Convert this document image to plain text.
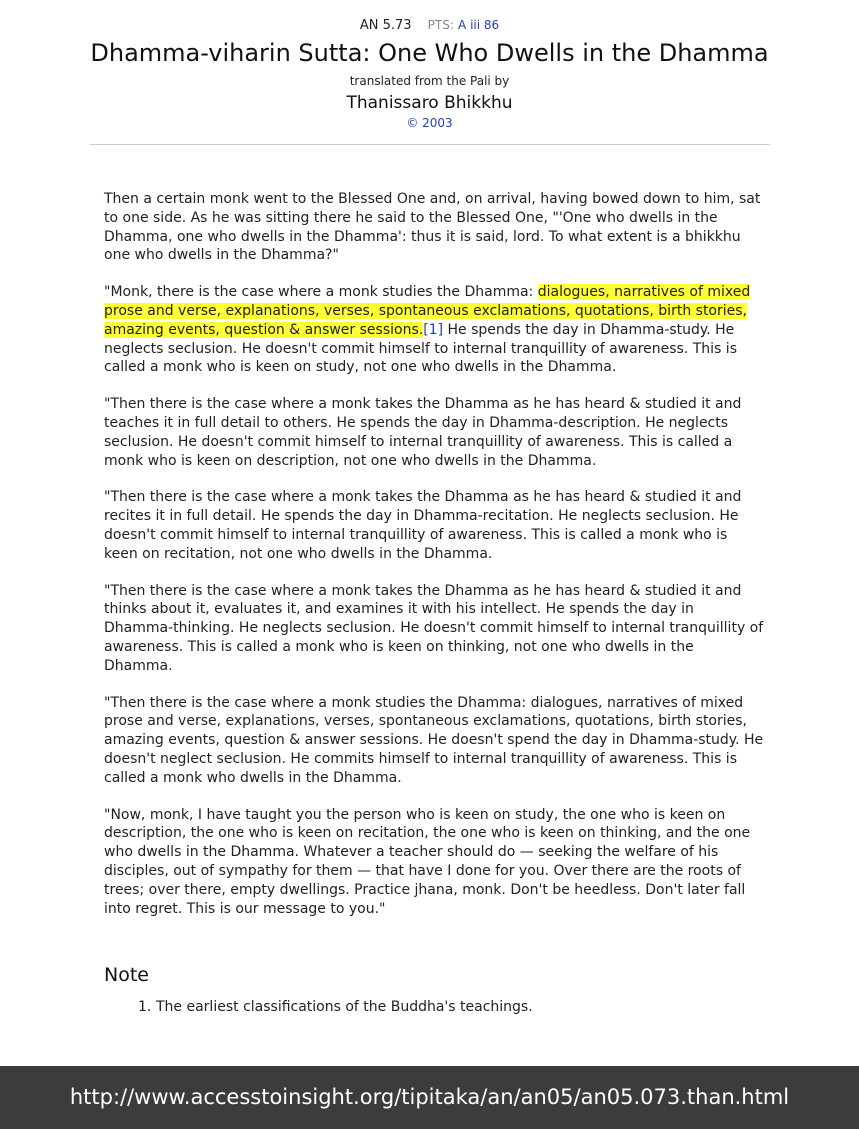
AN 5.73 PTS: A iii 86
Dhamma-viharin Sutta: One Who Dwells in the Dhamma
translated from the Pali by
Thanissaro Bhikkhu
© 2003

Then a certain monk went to the Blessed One and, on arrival, having bowed down to him, sat to one side. As he was sitting there he said to the Blessed One, "'One who dwells in the Dhamma, one who dwells in the Dhamma': thus it is said, lord. To what extent is a bhikkhu one who dwells in the Dhamma?"

"Monk, there is the case where a monk studies the Dhamma: dialogues, narratives of mixed prose and verse, explanations, verses, spontaneous exclamations, quotations, birth stories, amazing events, question & answer sessions.[1] He spends the day in Dhamma-study. He neglects seclusion. He doesn't commit himself to internal tranquillity of awareness. This is called a monk who is keen on study, not one who dwells in the Dhamma.

"Then there is the case where a monk takes the Dhamma as he has heard & studied it and teaches it in full detail to others. He spends the day in Dhamma-description. He neglects seclusion. He doesn't commit himself to internal tranquillity of awareness. This is called a monk who is keen on description, not one who dwells in the Dhamma.

"Then there is the case where a monk takes the Dhamma as he has heard & studied it and recites it in full detail. He spends the day in Dhamma-recitation. He neglects seclusion. He doesn't commit himself to internal tranquillity of awareness. This is called a monk who is keen on recitation, not one who dwells in the Dhamma.

"Then there is the case where a monk takes the Dhamma as he has heard & studied it and thinks about it, evaluates it, and examines it with his intellect. He spends the day in Dhamma-thinking. He neglects seclusion. He doesn't commit himself to internal tranquillity of awareness. This is called a monk who is keen on thinking, not one who dwells in the Dhamma.

"Then there is the case where a monk studies the Dhamma: dialogues, narratives of mixed prose and verse, explanations, verses, spontaneous exclamations, quotations, birth stories, amazing events, question & answer sessions. He doesn't spend the day in Dhamma-study. He doesn't neglect seclusion. He commits himself to internal tranquillity of awareness. This is called a monk who dwells in the Dhamma.

"Now, monk, I have taught you the person who is keen on study, the one who is keen on description, the one who is keen on recitation, the one who is keen on thinking, and the one who dwells in the Dhamma. Whatever a teacher should do — seeking the welfare of his disciples, out of sympathy for them — that have I done for you. Over there are the roots of trees; over there, empty dwellings. Practice jhana, monk. Don't be heedless. Don't later fall into regret. This is our message to you."

Note
1. The earliest classifications of the Buddha's teachings.
http://www.accesstoinsight.org/tipitaka/an/an05/an05.073.than.html
